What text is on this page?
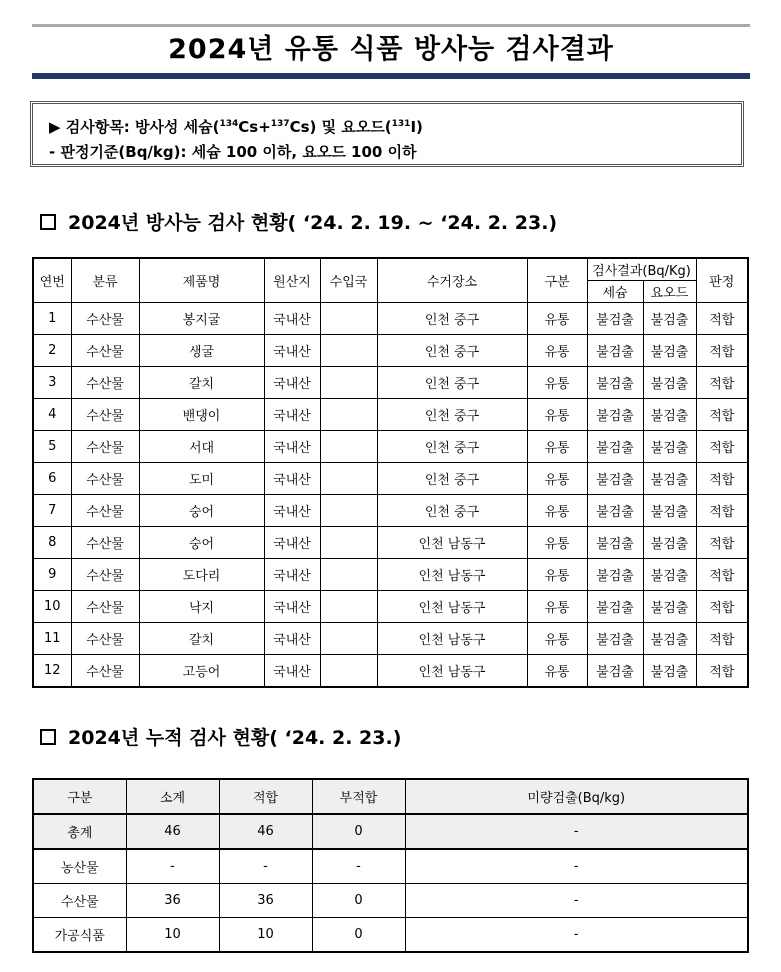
2024년 유통 식품 방사능 검사결과
▶ 검사항목: 방사성 세슘($^{134}$Cs+$^{137}$Cs) 및 요오드($^{131}$I)
- 판정기준(Bq/kg): 세슘 100 이하, 요오드 100 이하
2024년 방사능 검사 현황( ‘24. 2. 19. ~ ‘24. 2. 23.)
연번	분류	제품명	원산지	수입국	수거장소	구분	검사결과(Bq/Kg)		판정
							세슘	요오드	
1	수산물	봉지굴	국내산		인천 중구	유통	불검출	불검출	적합
2	수산물	생굴	국내산		인천 중구	유통	불검출	불검출	적합
3	수산물	갈치	국내산		인천 중구	유통	불검출	불검출	적합
4	수산물	밴댕이	국내산		인천 중구	유통	불검출	불검출	적합
5	수산물	서대	국내산		인천 중구	유통	불검출	불검출	적합
6	수산물	도미	국내산		인천 중구	유통	불검출	불검출	적합
7	수산물	숭어	국내산		인천 중구	유통	불검출	불검출	적합
8	수산물	숭어	국내산		인천 남동구	유통	불검출	불검출	적합
9	수산물	도다리	국내산		인천 남동구	유통	불검출	불검출	적합
10	수산물	낙지	국내산		인천 남동구	유통	불검출	불검출	적합
11	수산물	갈치	국내산		인천 남동구	유통	불검출	불검출	적합
12	수산물	고등어	국내산		인천 남동구	유통	불검출	불검출	적합
2024년 누적 검사 현황( ‘24. 2. 23.)
구분	소계	적합	부적합	미량검출(Bq/kg)
총계	46	46	0	-
농산물	-	-	-	-
수산물	36	36	0	-
가공식품	10	10	0	-
